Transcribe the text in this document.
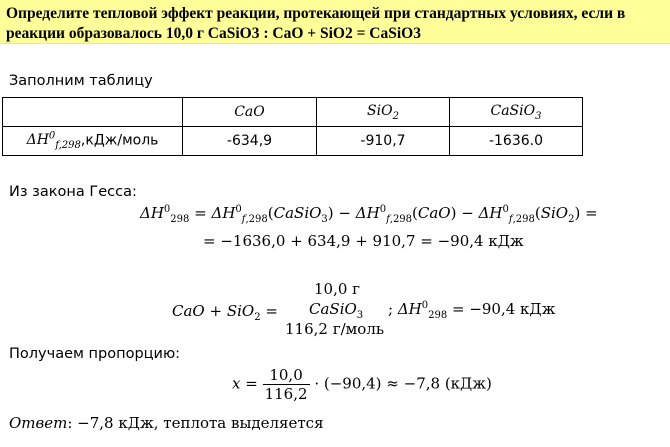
Определите тепловой эффект реакции, протекающей при стандартных условиях, если в

реакции образовалось 10,0 г CaSiO3 : CaO + SiO2 = CaSiO3

Заполним таблицу
	CaO	SiO$_2$	CaSiO$_3$
$\Delta H^0_{f,298},кДж$/моль	-634,9	-910,7	-1636.0
Из закона Гесса:
$\Delta H^0_{298}$ = $\Delta H^0_{f,298}(CaSiO_3) - \Delta H^0_{f,298}(CaO) - \Delta H^0_{f,298}(SiO_2)$ =
= −1636,0 + 634,9 + 910,7 = −90,4 кДж
10,0 г
CaO + SiO$_2$ = CaSiO$_3$ ; $\Delta H^0_{298} = -90,4$ кДж
116,2 г/моль
Получаем пропорцию:
$x = \frac{10,0}{116,2} \cdot (-90,4) \approx -7,8$ (кДж)
Ответ: −7,8 кДж, теплота выделяется
